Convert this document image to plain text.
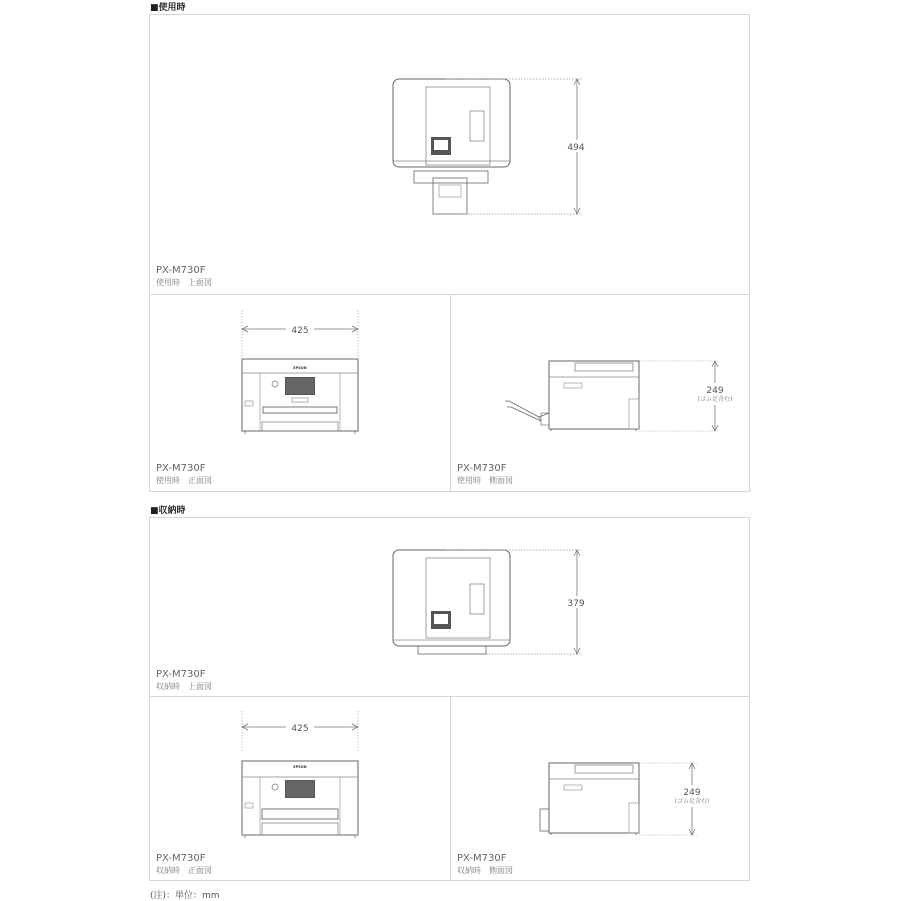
■使用時
494
PX-M730F
使用時　上面図
425
EPSON
PX-M730F
使用時　正面図
249
(ゴム足含む)
PX-M730F
使用時　側面図
■収納時
379
PX-M730F
収納時　上面図
425
EPSON
PX-M730F
収納時　正面図
249
(ゴム足含む)
PX-M730F
収納時　側面図
(注)：単位：mm
